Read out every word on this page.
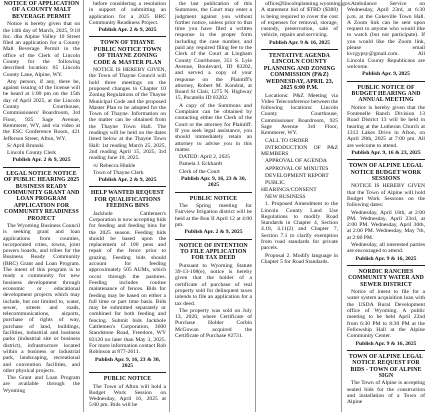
NOTICE OF APPLICATION OF A COUNTY MALT BEVERAGE PERMIT
Notice is hereby given that on the 14th day of March, 2025, 9:18 Inc. dba Alpine Valley 10 Street filed an application for a County Malt Beverage Permit in the office of the Clerk of Lincoln County for the following described location: 65 Lincoln County Lane, Alpine, WY.
Any person, if any, there be, against issuing of the license will be heard at 1:00 pm on the 15th day of April 2025, at the Lincoln County Courthouse, Commissioners' Boardroom, 3rd Floor, 925 Sage Avenue, Kemmerer, WY, and via video at the ESC Conference Room, 421 Jefferson Street, Afton, WY.
S/ April Brunski
Lincoln County Clerk
Publish Apr. 2 & 9, 2025
LEGAL NOTICE NOTICE OF PUBLIC HEARING 2025 BUSINESS READY COMMUNITY GRANT AND LOAN PROGRAM APPLICATION FOR COMMUNITY READINESS PROJECT
The Wyoming Business Council is seeking grant and loan applications from counties, incorporated cities, towns, joint powers boards, and tribes for the Business Ready Community (BRC) Grant and Loan Program. The intent of this program is to ready a community for new business development through economic or educational development projects which may include, but not limited to, water, sewer, streets and roads, telecommunications, airports, purchase of rights of way, purchase of land, buildings, facilities, industrial and business parks (industrial site or business district), infrastructure located within a business or industrial park, landscaping, recreational and convention facilities, and other physical projects.
The Grant and Loan Program are available through the Wyoming
before considering a resolution in support of submitting an application for a 2025 BRC Community Readiness Project.
Publish Apr. 2 & 9, 2025
TOWN OF THAYNE PUBLIC NOTICE TOWN OF THAYNE ZONING CODE & MASTER PLAN
NOTICE IS HEREBY GIVEN, the Town of Thayne Council will hold three meetings on the proposed changes to Chapter 10 Zoning Regulations of the Thayne Municipal Code and the proposed Master Plan to be adopted for the Town of Thayne. Information on the matter can be obtained from the Thayne Town Hall. The readings will be held on the dates listed below at the Thayne Town Hall: 1st reading March 25, 2025, 2nd reading April 15, 2025, 3rd reading June 10, 2025.
/s/ Rebecca Hinkle
Town of Thayne Clerk
Publish Apr. 2 & 9, 2025
HELP WANTED REQUEST FOR QUALIFICATIONS FEEDING BINS
Jackhole Cattlemen's Corporation is now accepting bids for feeding and feeding bins for the 2025 season. Feeding bids should be based upon the replacement of 100 pens and repair of the fence prior to grazing. Feeding bids should account for feeding approximately 505 AUMs, which occur through the pastures. Feeding includes routine maintenance of fences. Bids for feeding may be based on either a full time or part time basis. Bids may be submitted separately or combined for both feeding and fencing. Submit bids Jackhole Cattlemen's Corporation, 3600 Standstone Road, Freedom, WY 83120 no later than May 3, 2025. For more information contact Rob Robinson at 877-2611.
Publish Apr. 9, 16, 23 & 30, 2025
PUBLIC NOTICE
The Town of Afton will hold a Budget Work Session on Wednesday, April 16, 2025 at 5:00 pm. Bids will be
the last publication of this Summons, the Court may enter a judgment against you without further notice, unless prior to that time you have filed a written response in the proper form including the case number, and paid any required filing fee to the Clerk of the Court at Lingham County Courthouse, 351 S. Lyle Avenue, Boulevard, ID 83202, and served a copy of your response on the Plaintiff's attorney, Robert M. Kondrat, at Board St Clair, 1275 N. Highway 15, Pocatello ID 83202.
A copy of the Summons and Complaint can be obtained by contacting either the Clerk of the Court or the attorney for Plaintiff. If you seek legal assistance, you should immediately retain an attorney to advise you in this matter.
DATED: April 2, 2025
Pamela J. Eckhardt
Clerk of the Court
Publish Apr. 9, 16, 23 & 30, 2025
PUBLIC NOTICE
The Spring meeting for Fairview Irrigation district will be held at the Bon II April 12 at 4:00 pm.
Publish Apr. 2 & 9, 2025
NOTICE OF INTENTION TO FILE APPLICATION FOR TAX DEED
Pursuant to Wyoming Statute 39-13-108(e), notice is hereby given that the holder of a certificate of purchase of real property sold for delinquent taxes intends to file an application for a tax deed.
The property was sold on July 13, 2020, where Certificate of Purchase Holder Corbin McGowan acquired the Certificate of Purchase #2731.
office@lincolnplanning.wyoming.gov. A statement bid of $TBD ($380) is being required to cover the cost of expenses for removal, storage, custody, preservation, sale of vehicle, repairs and servicing.
Publish Apr. 9 & 16, 2025
TENTATIVE AGENDA LINCOLN COUNTY PLANNING AND ZONING COMMISSION (P&Z) WEDNESDAY, APRIL 23, 2025 6:00 P.M.
Locations: P&Z Meeting via Video Teleconference between the following locations: Lincoln County Courthouse, Commissioner Boardroom, 925 Sage Avenue 3rd Floor, Kemmerer, WY.
CALL TO ORDER
INTRODUCTION OF P&Z MEMBERS
APPROVAL OF AGENDA
APPROVAL OF MINUTES
DEVELOPMENT REPORT
PUBLIC HEARINGS/CONSENT
NEW BUSINESS
1. Proposed Amendment to the Lincoln County Land Use Regulations to modify Road Standards in Chapter 4, Section 4.18, 4.11(2) and Chapter 7, Section 7.1 to clarify exemption from road standards for private parcels.
Proposal 2. Modify language in Chapter 5 for Road Standards.
Ambulance Service on Wednesday, April 23rd, at 6:30 p.m. at the Cokeville Town Hall. A Zoom link can be sent upon request to anyone who would like to watch (but not participate). If you would like the Zoom link, please email kvcgypsy@gmail.com. All Lincoln County Republicans are welcome.
Publish Apr. 9, 2025
PUBLIC NOTICE OF BUDGET HEARING AND ANNUAL MEETING
Notice is hereby given that the Fontenelle Ranch Division 13 Road District 13 will be held in hearing at the Lutheran Church at 1313 Lakes Drive in Afton, on April 28th, 2025 at 7:00 pm. All are welcome to attend.
Publish Apr. 9, 16 & 23, 2025
TOWN OF ALPINE LEGAL NOTICE BUDGET WORK SESSIONS
NOTICE IS HEREBY GIVEN that the Town of Alpine will hold Budget Work Sessions on the following dates:
Wednesday, April 16th, at 2:00 PM. Wednesday, April 23rd, at 2:00 PM. Wednesday, April 30th, at 2:00 PM. Wednesday, May 7th, at 2:00 PM.
Wednesday, all interested parties are encouraged to attend.
Publish Apr. 9 & 16, 2025
NORDIC RANCHES COMMUNITY WATER AND SEWER DISTRICT
Notice of intent to file for a water system acquisition loan with the USDA Rural Development office of Wyoming. A public meeting to be held April 22nd from 6:30 PM to 8:30 PM at the Fellowship Hall at the Alpine Community Center.
Publish Apr. 9 & 16, 2025
TOWN OF ALPINE LEGAL NOTICE REQUEST FOR BIDS - TOWN OF ALPINE SIGN
The Town of Alpine is accepting sealed bids for the construction and installation of a Town of Alpine
